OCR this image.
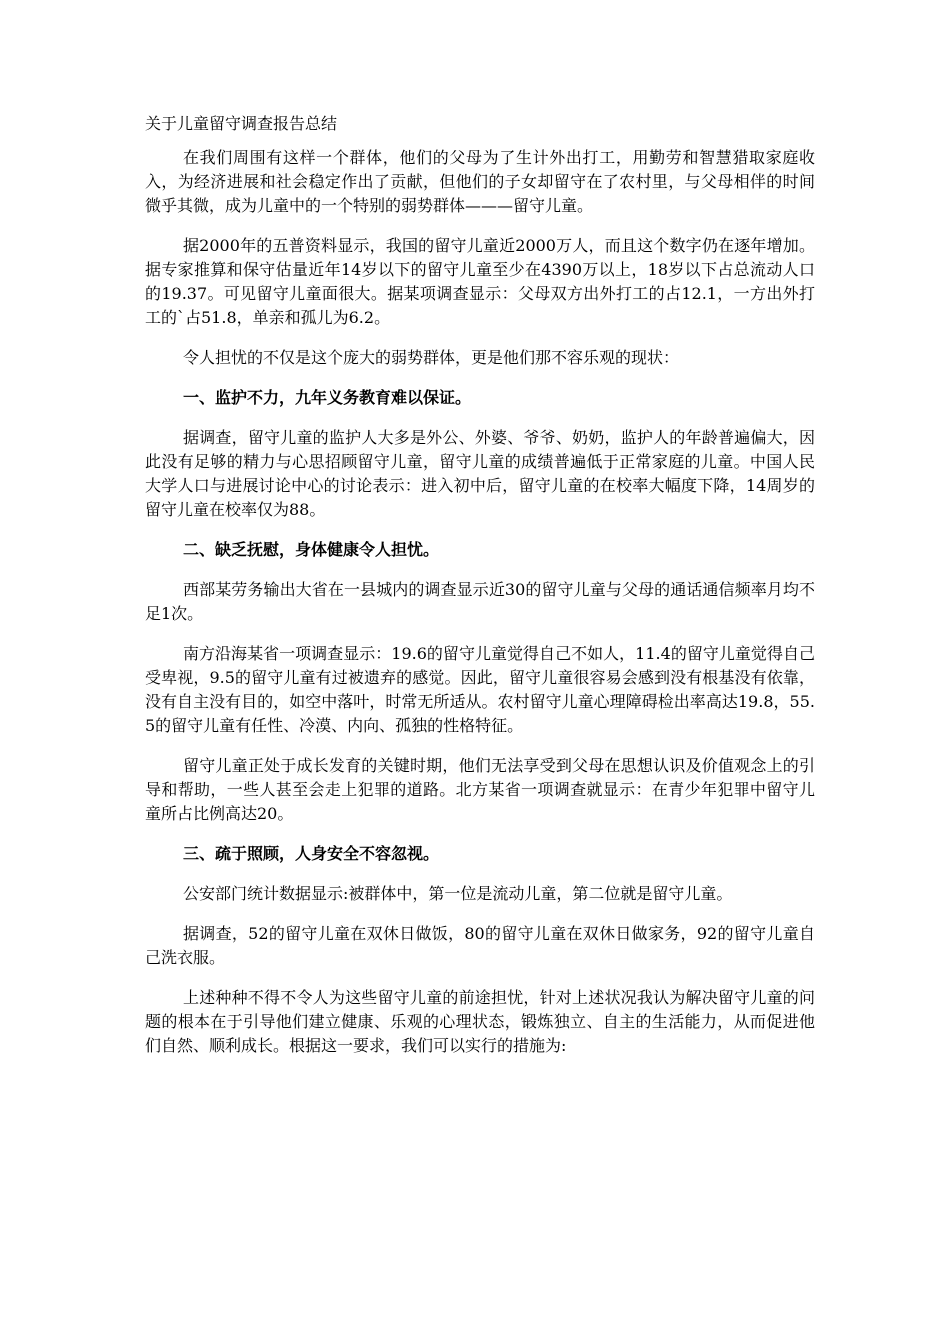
关于儿童留守调查报告总结
在我们周围有这样一个群体，他们的父母为了生计外出打工，用勤劳和智慧猎取家庭收入，为经济进展和社会稳定作出了贡献，但他们的子女却留守在了农村里，与父母相伴的时间微乎其微，成为儿童中的一个特别的弱势群体———留守儿童。
据2000年的五普资料显示，我国的留守儿童近2000万人，而且这个数字仍在逐年增加。据专家推算和保守估量近年14岁以下的留守儿童至少在4390万以上，18岁以下占总流动人口的19.37。可见留守儿童面很大。据某项调查显示：父母双方出外打工的占12.1，一方出外打工的`占51.8，单亲和孤儿为6.2。
令人担忧的不仅是这个庞大的弱势群体，更是他们那不容乐观的现状：
一、监护不力，九年义务教育难以保证。
据调查，留守儿童的监护人大多是外公、外婆、爷爷、奶奶，监护人的年龄普遍偏大，因此没有足够的精力与心思招顾留守儿童，留守儿童的成绩普遍低于正常家庭的儿童。中国人民大学人口与进展讨论中心的讨论表示：进入初中后，留守儿童的在校率大幅度下降，14周岁的留守儿童在校率仅为88。
二、缺乏抚慰，身体健康令人担忧。
西部某劳务输出大省在一县城内的调查显示近30的留守儿童与父母的通话通信频率月均不足1次。
南方沿海某省一项调查显示：19.6的留守儿童觉得自己不如人，11.4的留守儿童觉得自己受卑视，9.5的留守儿童有过被遗弃的感觉。因此，留守儿童很容易会感到没有根基没有依靠，没有自主没有目的，如空中落叶，时常无所适从。农村留守儿童心理障碍检出率高达19.8，55.5的留守儿童有任性、冷漠、内向、孤独的性格特征。
留守儿童正处于成长发育的关键时期，他们无法享受到父母在思想认识及价值观念上的引导和帮助，一些人甚至会走上犯罪的道路。北方某省一项调查就显示：在青少年犯罪中留守儿童所占比例高达20。
三、疏于照顾，人身安全不容忽视。
公安部门统计数据显示:被群体中，第一位是流动儿童，第二位就是留守儿童。
据调查，52的留守儿童在双休日做饭，80的留守儿童在双休日做家务，92的留守儿童自己洗衣服。
上述种种不得不令人为这些留守儿童的前途担忧，针对上述状况我认为解决留守儿童的问题的根本在于引导他们建立健康、乐观的心理状态，锻炼独立、自主的生活能力，从而促进他们自然、顺利成长。根据这一要求，我们可以实行的措施为:
